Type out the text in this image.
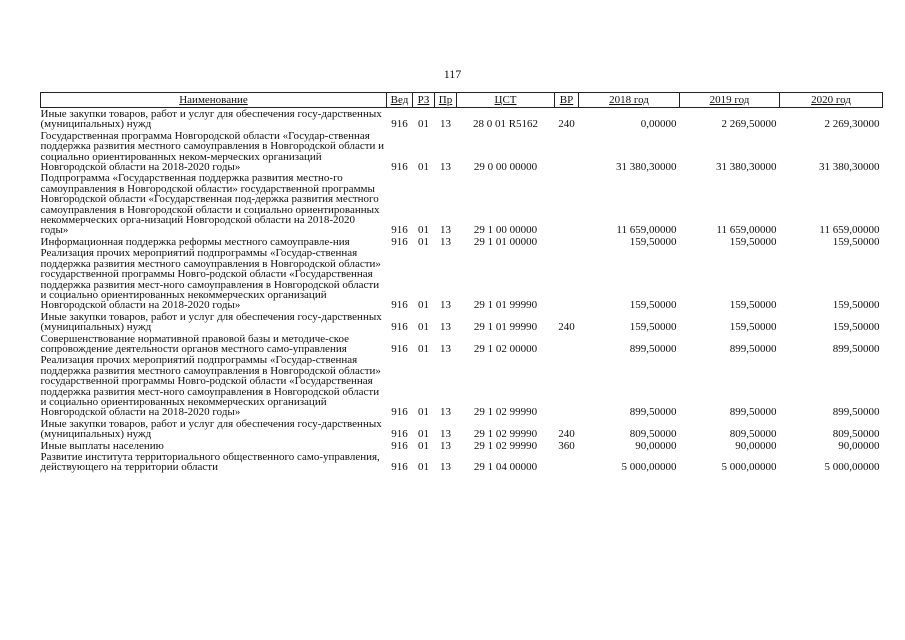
117
Наименование	Вед	РЗ	Пр	ЦСТ	ВР	2018 год	2019 год	2020 год
Иные закупки товаров, работ и услуг для обеспечения госу-дарственных (муниципальных) нужд	916	01	13	28 0 01 R5162	240	0,00000	2 269,50000	2 269,30000
Государственная программа Новгородской области «Государ-ственная поддержка развития местного самоуправления в Новгородской области и социально ориентированных неком-мерческих организаций Новгородской области на 2018-2020 годы»	916	01	13	29 0 00 00000		31 380,30000	31 380,30000	31 380,30000
Подпрограмма «Государственная поддержка развития местно-го самоуправления в Новгородской области» государственной программы Новгородской области «Государственная под-держка развития местного самоуправления в Новгородской области и социально ориентированных некоммерческих орга-низаций Новгородской области на 2018-2020 годы»	916	01	13	29 1 00 00000		11 659,00000	11 659,00000	11 659,00000
Информационная поддержка реформы местного самоуправле-ния	916	01	13	29 1 01 00000		159,50000	159,50000	159,50000
Реализация прочих мероприятий подпрограммы «Государ-ственная поддержка развития местного самоуправления в Новгородской области» государственной программы Новго-родской области «Государственная поддержка развития мест-ного самоуправления в Новгородской области и социально ориентированных некоммерческих организаций Новгородской области на 2018-2020 годы»	916	01	13	29 1 01 99990		159,50000	159,50000	159,50000
Иные закупки товаров, работ и услуг для обеспечения госу-дарственных (муниципальных) нужд	916	01	13	29 1 01 99990	240	159,50000	159,50000	159,50000
Совершенствование нормативной правовой базы и методиче-ское сопровождение деятельности органов местного само-управления	916	01	13	29 1 02 00000		899,50000	899,50000	899,50000
Реализация прочих мероприятий подпрограммы «Государ-ственная поддержка развития местного самоуправления в Новгородской области» государственной программы Новго-родской области «Государственная поддержка развития мест-ного самоуправления в Новгородской области и социально ориентированных некоммерческих организаций Новгородской области на 2018-2020 годы»	916	01	13	29 1 02 99990		899,50000	899,50000	899,50000
Иные закупки товаров, работ и услуг для обеспечения госу-дарственных (муниципальных) нужд	916	01	13	29 1 02 99990	240	809,50000	809,50000	809,50000
Иные выплаты населению	916	01	13	29 1 02 99990	360	90,00000	90,00000	90,00000
Развитие института территориального общественного само-управления, действующего на территории области	916	01	13	29 1 04 00000		5 000,00000	5 000,00000	5 000,00000
